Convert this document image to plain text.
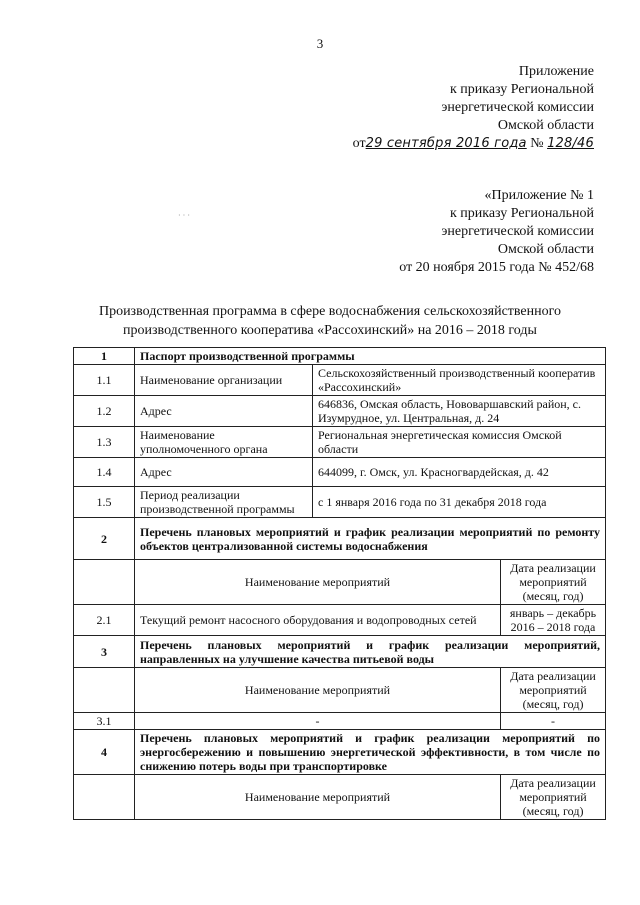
3
Приложение
к приказу Региональной
энергетической комиссии
Омской области
от29 сентября 2016 года № 128/46
· · ·
«Приложение № 1
к приказу Региональной
энергетической комиссии
Омской области
от 20 ноября 2015 года № 452/68
Производственная программа в сфере водоснабжения сельскохозяйственного производственного кооператива «Рассохинский» на 2016 – 2018 годы
1	Паспорт производственной программы		
1.1	Наименование организации	Сельскохозяйственный производственный кооператив «Рассохинский»	
1.2	Адрес	646836, Омская область, Нововаршавский район, с. Изумрудное, ул. Центральная, д. 24	
1.3	Наименование уполномоченного органа	Региональная энергетическая комиссия Омской области	
1.4	Адрес	644099, г. Омск, ул. Красногвардейская, д. 42	
1.5	Период реализации производственной программы	с 1 января 2016 года по 31 декабря 2018 года	
2	Перечень плановых мероприятий и график реализации мероприятий по ремонту объектов централизованной системы водоснабжения		
	Наименование мероприятий		Дата реализации мероприятий (месяц, год)
2.1	Текущий ремонт насосного оборудования и водопроводных сетей		январь – декабрь 2016 – 2018 года
3	Перечень плановых мероприятий и график реализации мероприятий, направленных на улучшение качества питьевой воды		
	Наименование мероприятий		Дата реализации мероприятий (месяц, год)
3.1	-		-
4	Перечень плановых мероприятий и график реализации мероприятий по энергосбережению и повышению энергетической эффективности, в том числе по снижению потерь воды при транспортировке		
	Наименование мероприятий		Дата реализации мероприятий (месяц, год)
